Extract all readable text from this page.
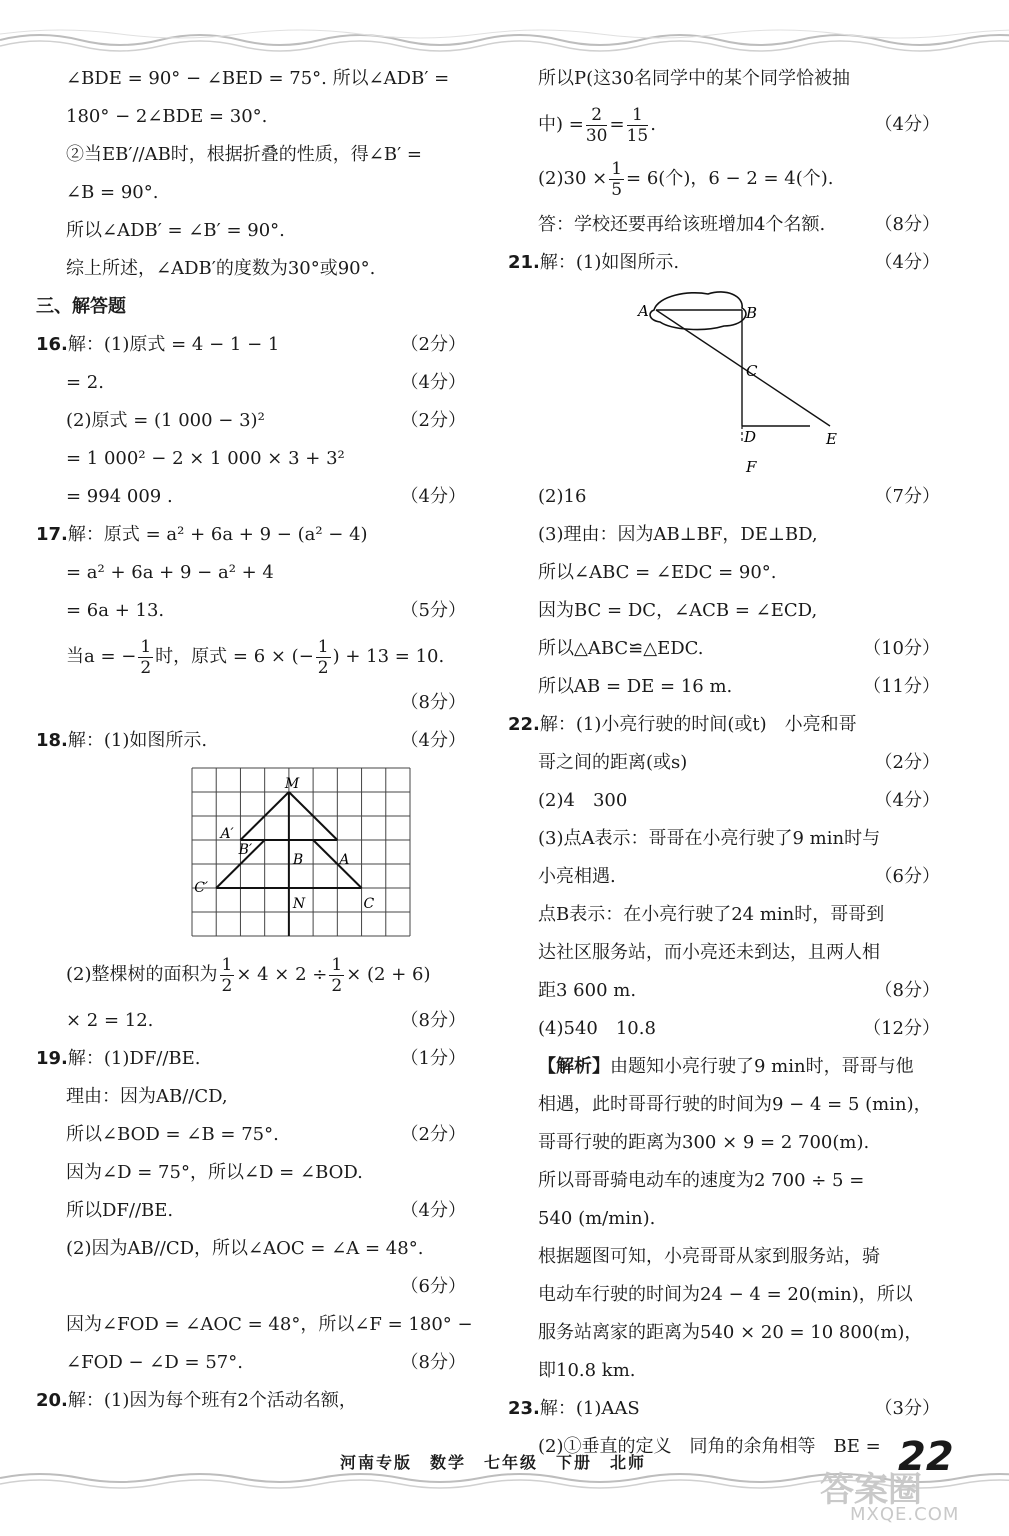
∠BDE = 90° − ∠BED = 75°. 所以∠ADB′ =
180° − 2∠BDE = 30°.
②当EB′//AB时，根据折叠的性质，得∠B′ =
∠B = 90°.
所以∠ADB′ = ∠B′ = 90°.
综上所述，∠ADB′的度数为30°或90°.
三、解答题
16.解：(1)原式 = 4 − 1 − 1	（2分）
= 2.	（4分）
(2)原式 = (1 000 − 3)²	（2分）
= 1 000² − 2 × 1 000 × 3 + 3²
= 994 009 .	（4分）
17.解：原式 = a² + 6a + 9 − (a² − 4)
= a² + 6a + 9 − a² + 4
= 6a + 13.	（5分）
当a = − $\frac{1}{2}$ 时，原式 = 6 × (− $\frac{1}{2}$ ) + 13 = 10.
（8分）
18.解：(1)如图所示.	（4分）
M
A′
B′
B	A
C′
N	C
(2)整棵树的面积为 $\frac{1}{2} \times 4 \times 2 \div \frac{1}{2} \times (2 + 6)$
× 2 = 12.	（8分）
19.解：(1)DF//BE.	（1分）
理由：因为AB//CD,
所以∠BOD = ∠B = 75°.	（2分）
因为∠D = 75°，所以∠D = ∠BOD.
所以DF//BE.	（4分）
(2)因为AB//CD，所以∠AOC = ∠A = 48°.
（6分）
因为∠FOD = ∠AOC = 48°，所以∠F = 180° −
∠FOD − ∠D = 57°.	（8分）
20.解：(1)因为每个班有2个活动名额，
所以P(这30名同学中的某个同学恰被抽
中) = $\frac{2}{30} = \frac{1}{15}$ .	（4分）
$(2)30 \times \frac{1}{5} = 6$(个)，6 − 2 = 4(个).
答：学校还要再给该班增加4个名额.	（8分）
21.解：(1)如图所示.	（4分）
A	B
C
D	E
F
(2)16	（7分）
(3)理由：因为AB⊥BF，DE⊥BD,
所以∠ABC = ∠EDC = 90°.
因为BC = DC，∠ACB = ∠ECD,
所以△ABC≌△EDC.	（10分）
所以AB = DE = 16 m.	（11分）
22.解：(1)小亮行驶的时间(或t)　小亮和哥
哥之间的距离(或s)	（2分）
(2)4　300	（4分）
(3)点A表示：哥哥在小亮行驶了9 min时与
小亮相遇.	（6分）
点B表示：在小亮行驶了24 min时，哥哥到
达社区服务站，而小亮还未到达，且两人相
距3 600 m.	（8分）
(4)540　10.8	（12分）
【解析】由题知小亮行驶了9 min时，哥哥与他
相遇，此时哥哥行驶的时间为9 − 4 = 5 (min)，
哥哥行驶的距离为300 × 9 = 2 700(m).
所以哥哥骑电动车的速度为2 700 ÷ 5 =
540 (m/min).
根据题图可知，小亮哥哥从家到服务站，骑
电动车行驶的时间为24 − 4 = 20(min)，所以
服务站离家的距离为540 × 20 = 10 800(m)，
即10.8 km.
23.解：(1)AAS	（3分）
(2)①垂直的定义　同角的余角相等　BE =
河南专版　数学　七年级　下册　北师	22
答案圈
MXQE.COM
